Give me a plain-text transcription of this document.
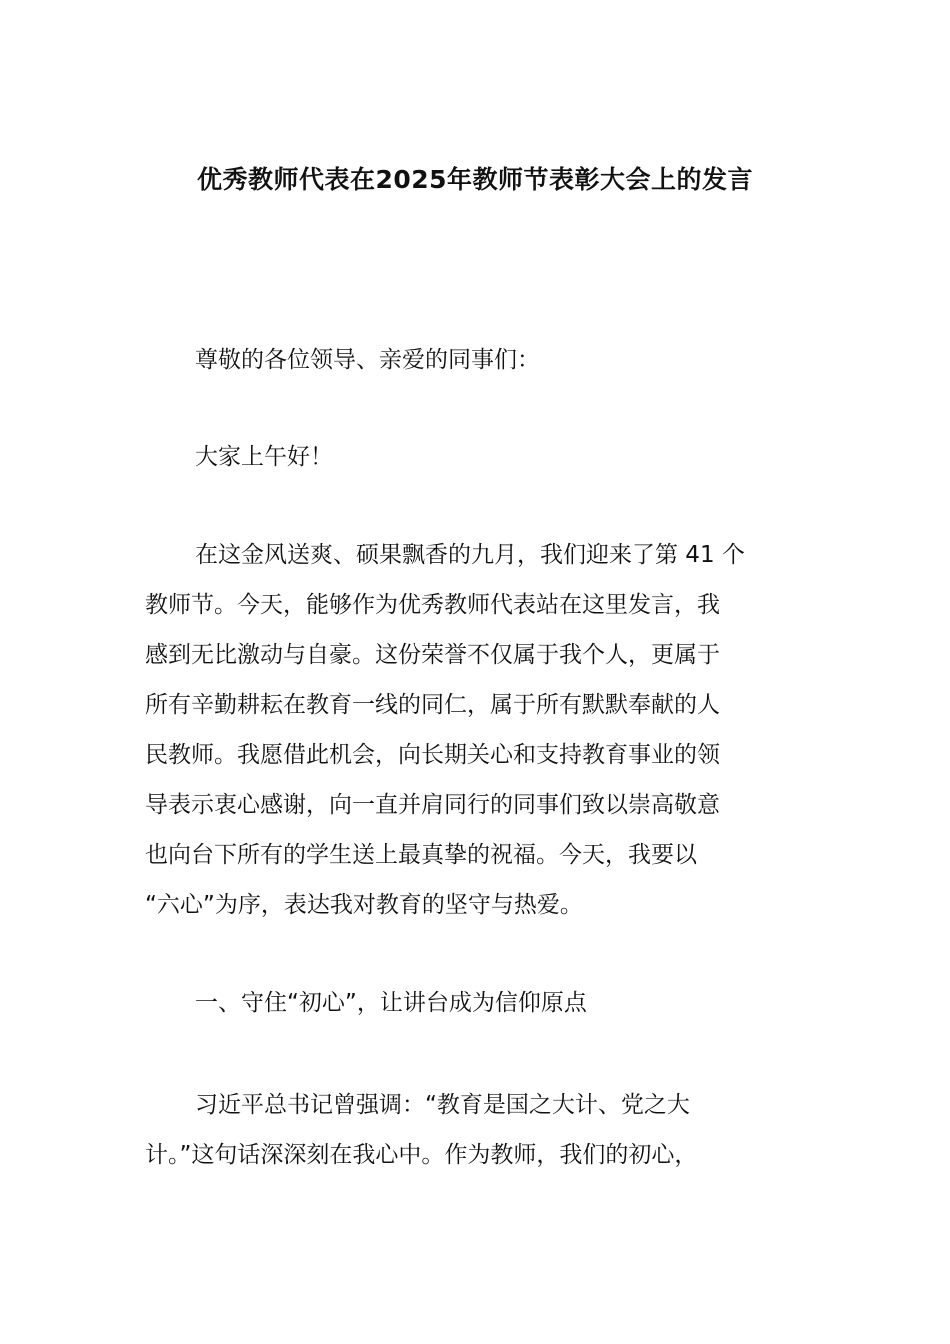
优秀教师代表在2025年教师节表彰大会上的发言

尊敬的各位领导、亲爱的同事们：

大家上午好！

在这金风送爽、硕果飘香的九月，我们迎来了第 41 个
教师节。今天，能够作为优秀教师代表站在这里发言，我
感到无比激动与自豪。这份荣誉不仅属于我个人，更属于
所有辛勤耕耘在教育一线的同仁，属于所有默默奉献的人
民教师。我愿借此机会，向长期关心和支持教育事业的领
导表示衷心感谢，向一直并肩同行的同事们致以崇高敬意
也向台下所有的学生送上最真挚的祝福。今天，我要以
“六心”为序，表达我对教育的坚守与热爱。

一、守住“初心”，让讲台成为信仰原点

习近平总书记曾强调：“教育是国之大计、党之大
计。”这句话深深刻在我心中。作为教师，我们的初心，
